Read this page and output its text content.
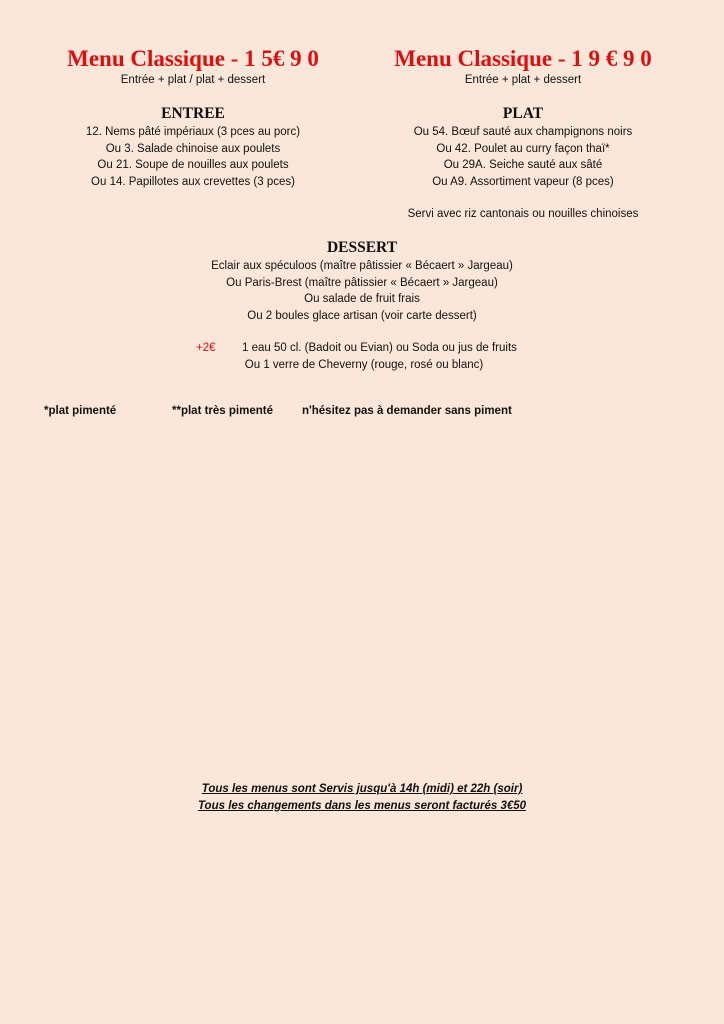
Menu Classique - 1 5€ 9 0
Entrée + plat / plat + dessert
ENTREE
12. Nems pâté impériaux (3 pces au porc)
Ou 3. Salade chinoise aux poulets
Ou 21. Soupe de nouilles aux poulets
Ou 14. Papillotes aux crevettes (3 pces)
Menu Classique - 1 9 € 9 0
Entrée + plat + dessert
PLAT
Ou 54. Bœuf sauté aux champignons noirs
Ou 42. Poulet au curry façon thaï*
Ou 29A. Seiche sauté aux sâté
Ou A9. Assortiment vapeur (8 pces)
Servi avec riz cantonais ou nouilles chinoises
DESSERT
Eclair aux spéculoos (maître pâtissier « Bécaert » Jargeau)
Ou Paris-Brest (maître pâtissier « Bécaert » Jargeau)
Ou salade de fruit frais
Ou 2 boules glace artisan (voir carte dessert)
+2€ 1 eau 50 cl. (Badoit ou Evian) ou Soda ou jus de fruits
Ou 1 verre de Cheverny (rouge, rosé ou blanc)
*plat pimenté	**plat très pimenté	n'hésitez pas à demander sans piment
Tous les menus sont Servis jusqu'à 14h (midi) et 22h (soir)
Tous les changements dans les menus seront facturés 3€50
